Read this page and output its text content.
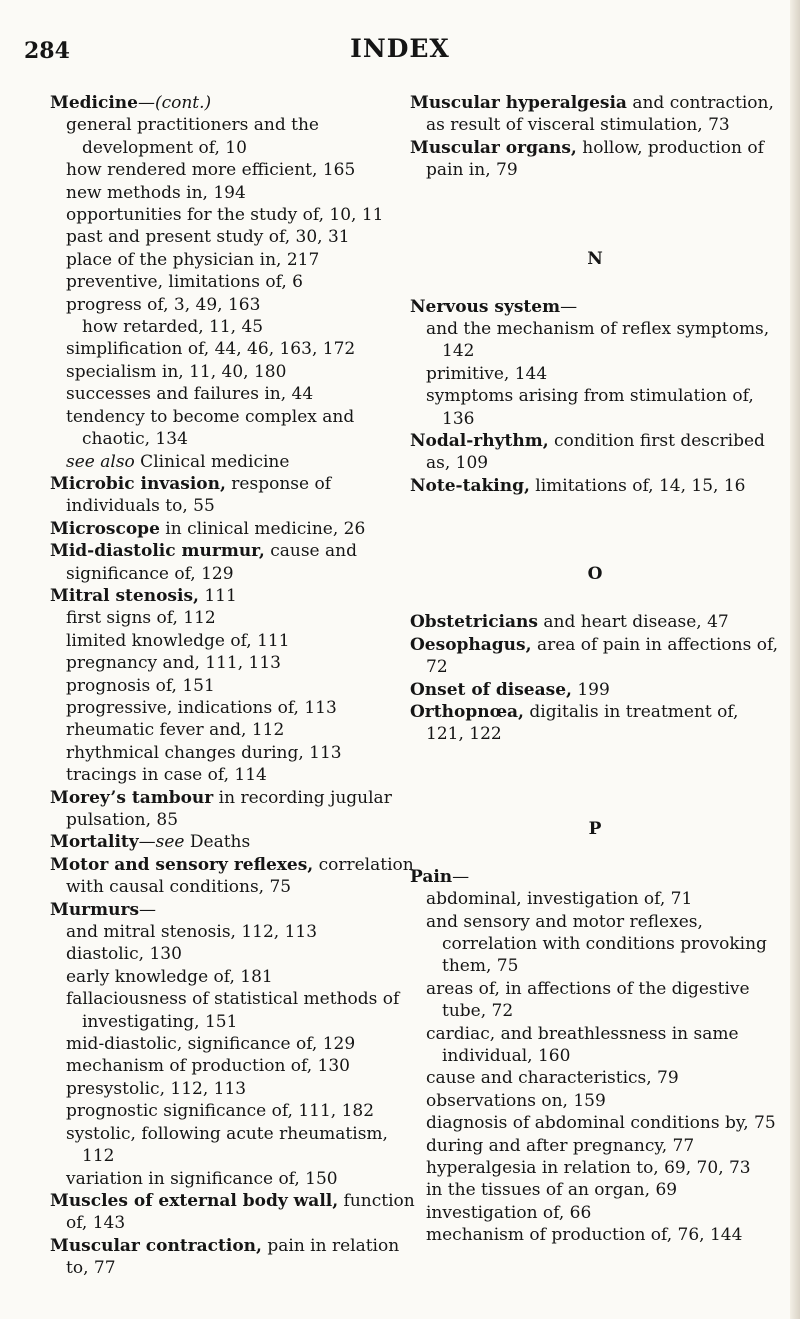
284	INDEX
Medicine—(cont.)
general practitioners and the development of, 10
how rendered more efficient, 165
new methods in, 194
opportunities for the study of, 10, 11
past and present study of, 30, 31
place of the physician in, 217
preventive, limitations of, 6
progress of, 3, 49, 163
how retarded, 11, 45
simplification of, 44, 46, 163, 172
specialism in, 11, 40, 180
successes and failures in, 44
tendency to become complex and chaotic, 134
see also Clinical medicine
Microbic invasion, response of individuals to, 55
Microscope in clinical medicine, 26
Mid-diastolic murmur, cause and significance of, 129
Mitral stenosis, 111
first signs of, 112
limited knowledge of, 111
pregnancy and, 111, 113
prognosis of, 151
progressive, indications of, 113
rheumatic fever and, 112
rhythmical changes during, 113
tracings in case of, 114
Morey’s tambour in recording jugular pulsation, 85
Mortality—see Deaths
Motor and sensory reflexes, correlation with causal conditions, 75
Murmurs—
and mitral stenosis, 112, 113
diastolic, 130
early knowledge of, 181
fallaciousness of statistical methods of investigating, 151
mid-diastolic, significance of, 129
mechanism of production of, 130
presystolic, 112, 113
prognostic significance of, 111, 182
systolic, following acute rheumatism, 112
variation in significance of, 150
Muscles of external body wall, function of, 143
Muscular contraction, pain in relation to, 77
Muscular hyperalgesia and contraction, as result of visceral stimulation, 73
Muscular organs, hollow, production of pain in, 79
N
Nervous system—
and the mechanism of reflex symptoms, 142
primitive, 144
symptoms arising from stimulation of, 136
Nodal-rhythm, condition first described as, 109
Note-taking, limitations of, 14, 15, 16
O
Obstetricians and heart disease, 47
Oesophagus, area of pain in affections of, 72
Onset of disease, 199
Orthopnœa, digitalis in treatment of, 121, 122
P
Pain—
abdominal, investigation of, 71
and sensory and motor reflexes, correlation with conditions provoking them, 75
areas of, in affections of the digestive tube, 72
cardiac, and breathlessness in same individual, 160
cause and characteristics, 79
observations on, 159
diagnosis of abdominal conditions by, 75
during and after pregnancy, 77
hyperalgesia in relation to, 69, 70, 73
in the tissues of an organ, 69
investigation of, 66
mechanism of production of, 76, 144
